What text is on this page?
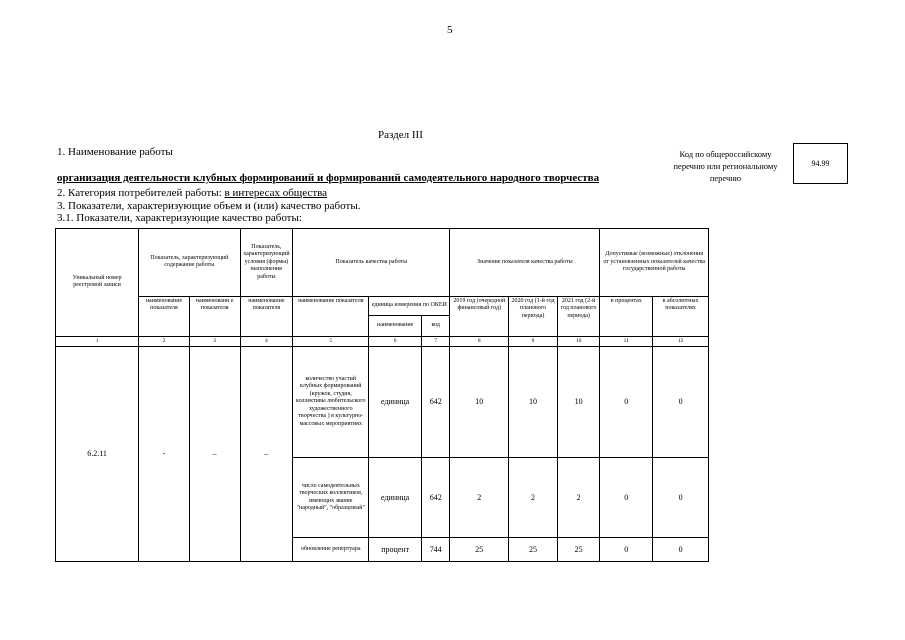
5
Раздел III
1. Наименование работы
организация деятельности клубных формирований и формирований самодеятельного народного творчества
2. Категория потребителей работы: в интересах общества
3. Показатели, характеризующие объем и (или) качество работы.
3.1. Показатели, характеризующие качество работы:
Код по общероссийскому перечню или региональному перечню
94.99
Уникальный номер реестровой записи	Показатель, характеризующий содержание работы		Показатель, характеризующий условия (формы) выполнения работы	Показатель качества работы			Значение показателя качества работы			Допустимые (возможные) отклонения от установленных показателей качества государственной работы	
	наименование показателя	наименовани е показателя	наименование показателя	наименование показателя	единица измерения по ОКЕИ		2019 год (очередной финансовый год)	2020 год (1-й год планового периода)	2021 год (2-й год планового периода)	в процентах	в абсолютных показателях
					наименование	код					
1	2	3	4	5	6	7	8	9	10	11	12
6.2.11	-	–	–	количество участий клубных формирований (кружок, студия, коллективы любительского художественного творчества ) в культурно-массовых мероприятиях	единица	642	10	10	10	0	0
				число самодеятельных творческих коллективов, имеющих звание "народный", "образцовый"	единица	642	2	2	2	0	0
				обновление репертуара	процент	744	25	25	25	0	0
